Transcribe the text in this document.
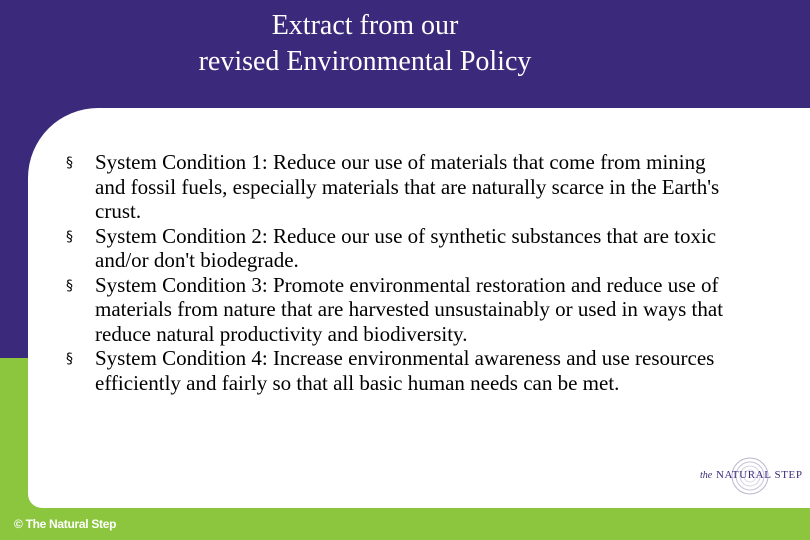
Extract from our
revised Environmental Policy
§ System Condition 1: Reduce our use of materials that come from mining and fossil fuels, especially materials that are naturally scarce in the Earth's crust.
§ System Condition 2: Reduce our use of synthetic substances that are toxic and/or don't biodegrade.
§ System Condition 3: Promote environmental restoration and reduce use of materials from nature that are harvested unsustainably or used in ways that reduce natural productivity and biodiversity.
§ System Condition 4: Increase environmental awareness and use resources efficiently and fairly so that all basic human needs can be met.
the NATURAL STEP
© The Natural Step
